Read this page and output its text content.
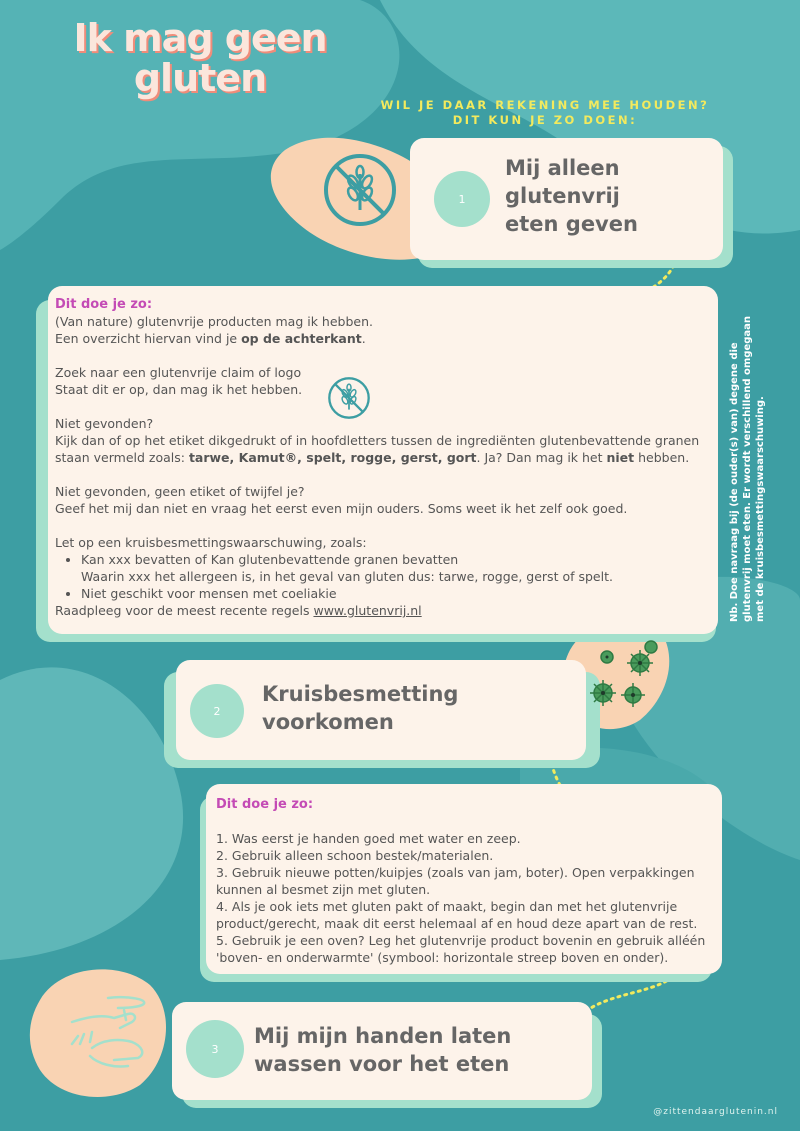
Ik mag geen
gluten
WIL JE DAAR REKENING MEE HOUDEN?
DIT KUN JE ZO DOEN:
1
Mij alleen
glutenvrij
eten geven
Dit doe je zo:

(Van nature) glutenvrije producten mag ik hebben.

Een overzicht hiervan vind je op de achterkant.

Zoek naar een glutenvrije claim of logo

Staat dit er op, dan mag ik het hebben.

Niet gevonden?

Kijk dan of op het etiket dikgedrukt of in hoofdletters tussen de ingrediënten glutenbevattende granen

staan vermeld zoals: tarwe, Kamut®, spelt, rogge, gerst, gort. Ja? Dan mag ik het niet hebben.

Niet gevonden, geen etiket of twijfel je?

Geef het mij dan niet en vraag het eerst even mijn ouders. Soms weet ik het zelf ook goed.

Let op een kruisbesmettingswaarschuwing, zoals:

• Kan xxx bevatten of Kan glutenbevattende granen bevatten
Waarin xxx het allergeen is, in het geval van gluten dus: tarwe, rogge, gerst of spelt.
• Niet geschikt voor mensen met coeliakie

Raadpleeg voor de meest recente regels www.glutenvrij.nl	Nb. Doe navraag bij (de ouder(s) van) degene die glutenvrij moet eten. Er wordt verschillend omgegaan met de kruisbesmettingswaarschuwing.
2
Kruisbesmetting
voorkomen
Dit doe je zo:

1. Was eerst je handen goed met water en zeep.

2. Gebruik alleen schoon bestek/materialen.

3. Gebruik nieuwe potten/kuipjes (zoals van jam, boter). Open verpakkingen

kunnen al besmet zijn met gluten.

4. Als je ook iets met gluten pakt of maakt, begin dan met het glutenvrije

product/gerecht, maak dit eerst helemaal af en houd deze apart van de rest.

5. Gebruik je een oven? Leg het glutenvrije product bovenin en gebruik alléén

'boven- en onderwarmte' (symbool: horizontale streep boven en onder).

3
Mij mijn handen laten
wassen voor het eten
@zittendaarglutenin.nl
